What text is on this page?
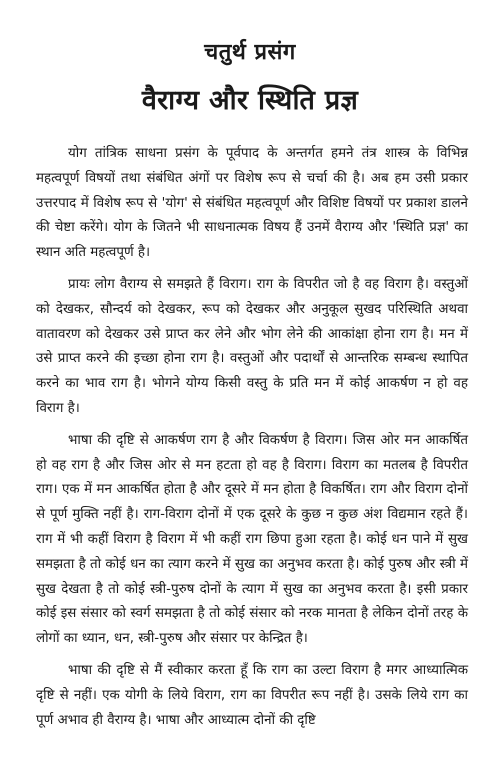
चतुर्थ प्रसंग
वैराग्य और स्थिति प्रज्ञ

योग तांत्रिक साधना प्रसंग के पूर्वपाद के अन्तर्गत हमने तंत्र शास्त्र के विभिन्न महत्वपूर्ण विषयों तथा संबंधित अंगों पर विशेष रूप से चर्चा की है। अब हम उसी प्रकार उत्तरपाद में विशेष रूप से 'योग' से संबंधित महत्वपूर्ण और विशिष्ट विषयों पर प्रकाश डालने की चेष्टा करेंगे। योग के जितने भी साधनात्मक विषय हैं उनमें वैराग्य और 'स्थिति प्रज्ञ' का स्थान अति महत्वपूर्ण है।

प्रायः लोग वैराग्य से समझते हैं विराग। राग के विपरीत जो है वह विराग है। वस्तुओं को देखकर, सौन्दर्य को देखकर, रूप को देखकर और अनुकूल सुखद परिस्थिति अथवा वातावरण को देखकर उसे प्राप्त कर लेने और भोग लेने की आकांक्षा होना राग है। मन में उसे प्राप्त करने की इच्छा होना राग है। वस्तुओं और पदार्थों से आन्तरिक सम्बन्ध स्थापित करने का भाव राग है। भोगने योग्य किसी वस्तु के प्रति मन में कोई आकर्षण न हो वह विराग है।

भाषा की दृष्टि से आकर्षण राग है और विकर्षण है विराग। जिस ओर मन आकर्षित हो वह राग है और जिस ओर से मन हटता हो वह है विराग। विराग का मतलब है विपरीत राग। एक में मन आकर्षित होता है और दूसरे में मन होता है विकर्षित। राग और विराग दोनों से पूर्ण मुक्ति नहीं है। राग-विराग दोनों में एक दूसरे के कुछ न कुछ अंश विद्यमान रहते हैं। राग में भी कहीं विराग है विराग में भी कहीं राग छिपा हुआ रहता है। कोई धन पाने में सुख समझता है तो कोई धन का त्याग करने में सुख का अनुभव करता है। कोई पुरुष और स्त्री में सुख देखता है तो कोई स्त्री-पुरुष दोनों के त्याग में सुख का अनुभव करता है। इसी प्रकार कोई इस संसार को स्वर्ग समझता है तो कोई संसार को नरक मानता है लेकिन दोनों तरह के लोगों का ध्यान, धन, स्त्री-पुरुष और संसार पर केन्द्रित है।

भाषा की दृष्टि से मैं स्वीकार करता हूँ कि राग का उल्टा विराग है मगर आध्यात्मिक दृष्टि से नहीं। एक योगी के लिये विराग, राग का विपरीत रूप नहीं है। उसके लिये राग का पूर्ण अभाव ही वैराग्य है। भाषा और आध्यात्म दोनों की दृष्टि
